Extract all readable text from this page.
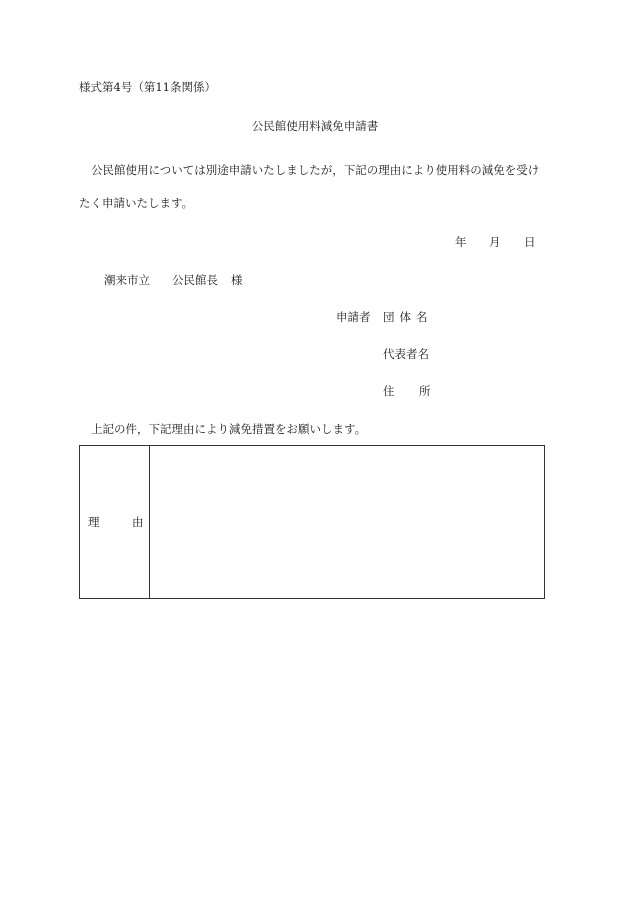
様式第4号（第11条関係）
公民館使用料減免申請書
公民館使用については別途申請いたしましたが，下記の理由により使用料の減免を受け
たく申請いたします。
年 月 日
潮来市立 公民館長 様
申請者 団体名
代表者名
住 所
上記の件，下記理由により減免措置をお願いします。
理	由
